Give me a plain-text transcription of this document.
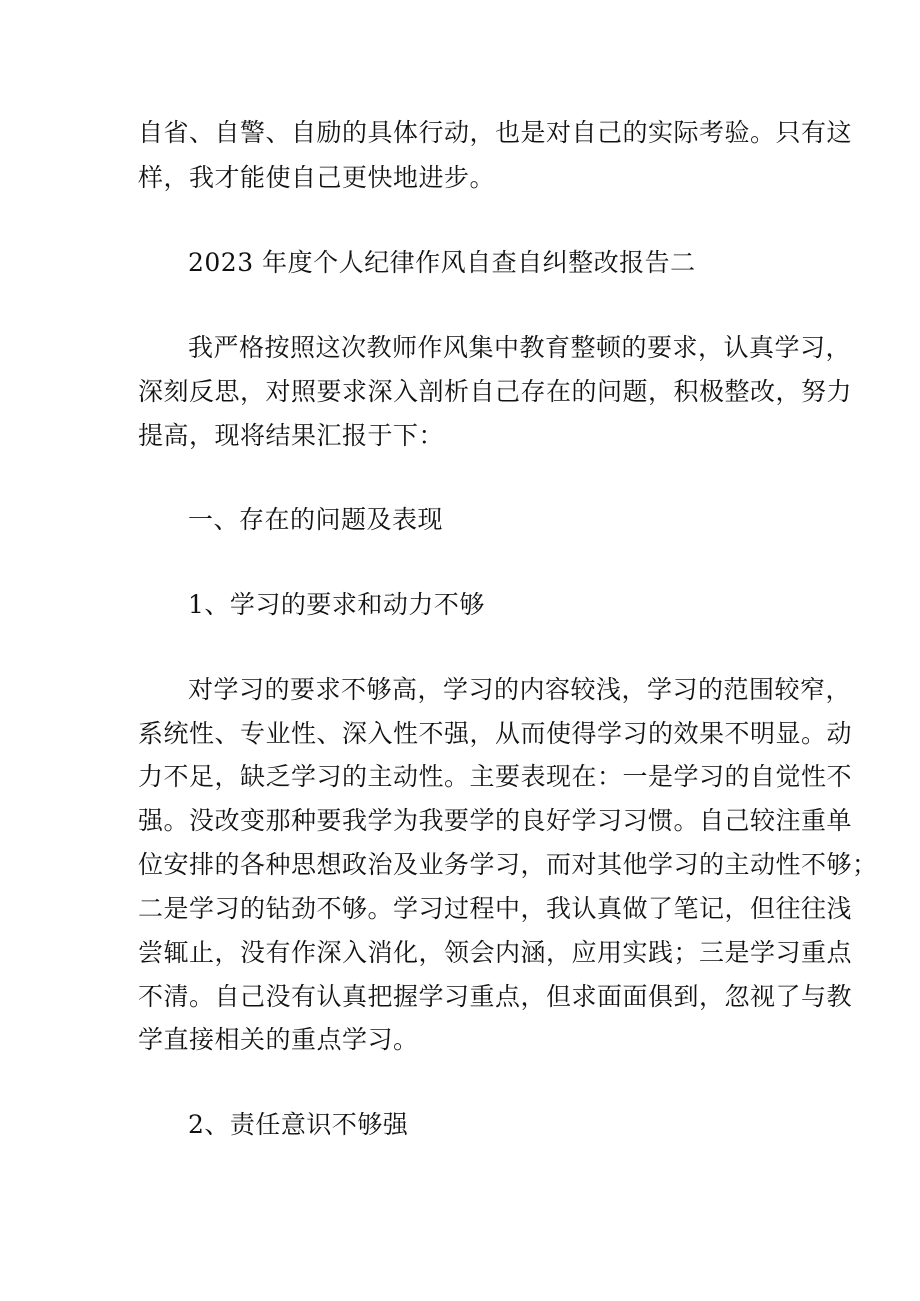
自省、自警、自励的具体行动，也是对自己的实际考验。只有这
样，我才能使自己更快地进步。
2023 年度个人纪律作风自查自纠整改报告二
我严格按照这次教师作风集中教育整顿的要求，认真学习，
深刻反思，对照要求深入剖析自己存在的问题，积极整改，努力
提高，现将结果汇报于下：
一、存在的问题及表现
1、学习的要求和动力不够
对学习的要求不够高，学习的内容较浅，学习的范围较窄，
系统性、专业性、深入性不强，从而使得学习的效果不明显。动
力不足，缺乏学习的主动性。主要表现在：一是学习的自觉性不
强。没改变那种要我学为我要学的良好学习习惯。自己较注重单
位安排的各种思想政治及业务学习，而对其他学习的主动性不够；
二是学习的钻劲不够。学习过程中，我认真做了笔记，但往往浅
尝辄止，没有作深入消化，领会内涵，应用实践；三是学习重点
不清。自己没有认真把握学习重点，但求面面俱到，忽视了与教
学直接相关的重点学习。
2、责任意识不够强
